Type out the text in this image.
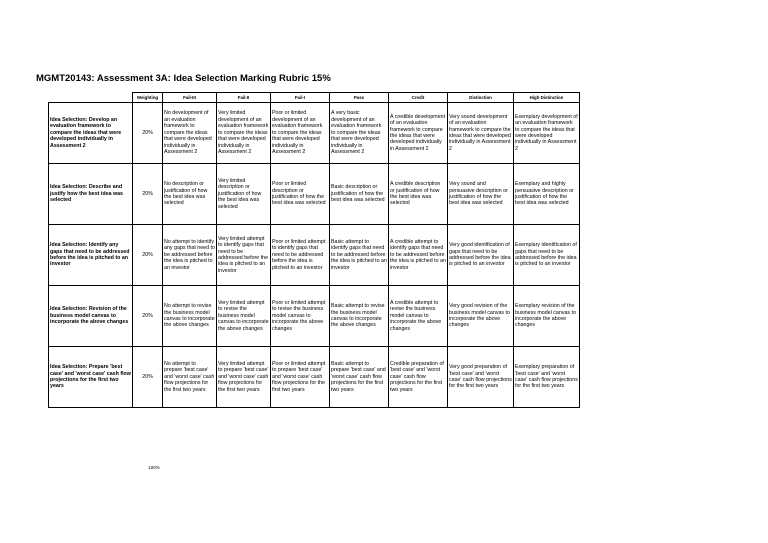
MGMT20143: Assessment 3A: Idea Selection Marking Rubric 15%
	Weighting	Fail-III	Fail-II	Fail-I	Pass	Credit	Distinction	High Distinction
Idea Selection: Develop an evaluation framework to compare the ideas that were developed individually in Assessment 2	20%	No development of an evaluation framework to compare the ideas that were developed individually in Assessment 2	Very limited development of an evaluation framework to compare the ideas that were developed individually in Assessment 2	Poor or limited development of an evaluation framework to compare the ideas that were developed individually in Assessment 2	A very basic development of an evaluation framework to compare the ideas that were developed individually in Assessment 2	A credible development of an evaluation framework to compare the ideas that were developed individually in Assessment 2	Very sound development of an evaluation framework to compare the ideas that were developed individually in Assessment 2	Exemplary development of an evaluation framework to compare the ideas that were developed individually in Assessment 2
Idea Selection: Describe and justify how the best idea was selected	20%	No description or justification of how the best idea was selected	Very limited description or justification of how the best idea was selected	Poor or limited description or justification of how the best idea was selected	Basic description or justification of how the best idea was selected	A credible description or justification of how the best idea was selected	Very sound and persuasive description or justification of how the best idea was selected	Exemplary and highly persuasive description or justification of how the best idea was selected
Idea Selection: Identify any gaps that need to be addressed before the idea is pitched to an investor	20%	No attempt to identify any gaps that need to be addressed before the idea is pitched to an investor	Very limited attempt to identify gaps that need to be addressed before the idea is pitched to an investor	Poor or limited attempt to identify gaps that need to be addressed before the idea is pitched to an investor	Basic attempt to identify gaps that need to be addressed before the idea is pitched to an investor	A credible attempt to identify gaps that need to be addressed before the idea is pitched to an investor	Very good identification of gaps that need to be addressed before the idea is pitched to an investor	Exemplary identification of gaps that need to be addressed before the idea is pitched to an investor
Idea Selection: Revision of the business model canvas to incorporate the above changes	20%	No attempt to revise the business model canvas to incorporate the above changes	Very limited attempt to revise the business model canvas to incorporate the above changes	Poor or limited attempt to revise the business model canvas to incorporate the above changes	Basic attempt to revise the business model canvas to incorporate the above changes	A credible attempt to revise the business model canvas to incorporate the above changes	Very good revision of the business model canvas to incorporate the above changes	Exemplary revision of the business model canvas to incorporate the above changes
Idea Selection: Prepare 'best case' and 'worst case' cash flow projections for the first two years	20%	No attempt to prepare 'best case' and 'worst case' cash flow projections for the first two years	Very limited attempt to prepare 'best case' and 'worst case' cash flow projections for the first two years	Poor or limited attempt to prepare 'best case' and 'worst case' cash flow projections for the first two years	Basic attempt to prepare 'best case' and 'worst case' cash flow projections for the first two years	Credible preparation of 'best case' and 'worst case' cash flow projections for the first two years	Very good preparation of 'best case' and 'worst case' cash flow projections for the first two years	Exemplary preparation of 'best case' and 'worst case' cash flow projections for the first two years
100%
